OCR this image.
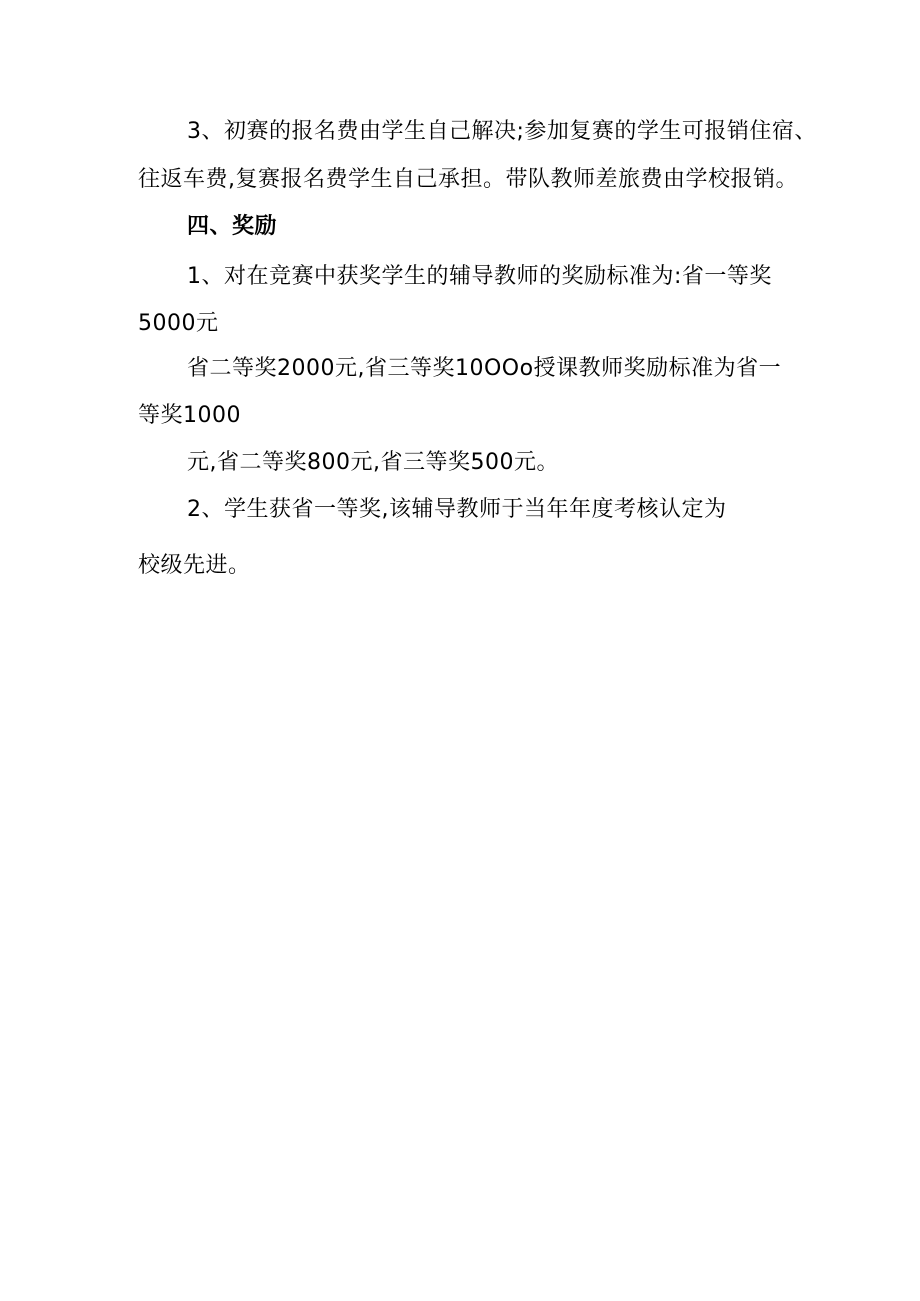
3、初赛的报名费由学生自己解决;参加复赛的学生可报销住宿、
往返车费,复赛报名费学生自己承担。带队教师差旅费由学校报销。
四、奖励
1、对在竞赛中获奖学生的辅导教师的奖励标准为:省一等奖
5000元
省二等奖2000元,省三等奖10OOo授课教师奖励标准为省一
等奖1000
元,省二等奖800元,省三等奖500元。
2、学生获省一等奖,该辅导教师于当年年度考核认定为
校级先进。
